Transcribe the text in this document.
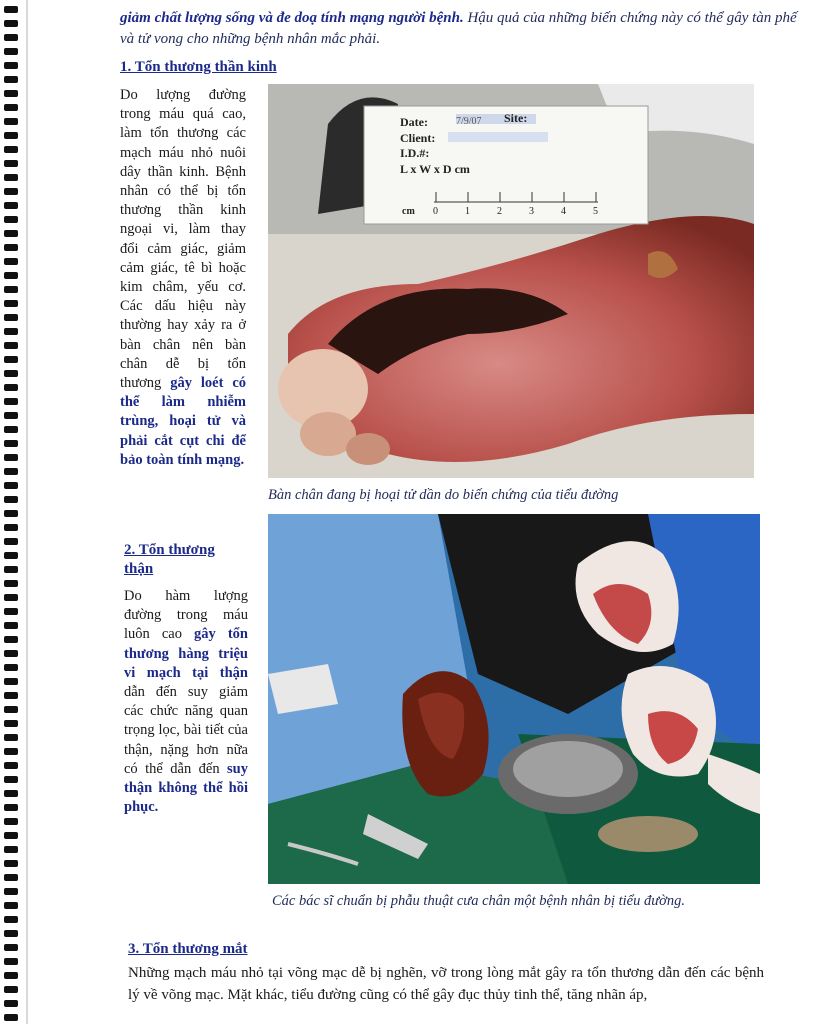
giảm chất lượng sống và đe doạ tính mạng người bệnh. Hậu quả của những biến chứng này có thể gây tàn phế và tử vong cho những bệnh nhân mắc phải.
1. Tổn thương thần kinh
Do lượng đường trong máu quá cao, làm tổn thương các mạch máu nhỏ nuôi dây thần kinh. Bệnh nhân có thể bị tổn thương thần kinh ngoại vi, làm thay đổi cảm giác, giảm cảm giác, tê bì hoặc kim châm, yếu cơ. Các dấu hiệu này thường hay xảy ra ở bàn chân nên bàn chân dễ bị tổn thương gây loét có thể làm nhiễm trùng, hoại tử và phải cắt cụt chi để bảo toàn tính mạng.
Date:	7/9/07 Site:
Client:
I.D.#:
L x W x D cm
cm 0	1	2	3	4	5
Bàn chân đang bị hoại tử dần do biến chứng của tiểu đường
2. Tổn thương
thận
Do hàm lượng đường trong máu luôn cao gây tổn thương hàng triệu vi mạch tại thận dẫn đến suy giảm các chức năng quan trọng lọc, bài tiết của thận, nặng hơn nữa có thể dẫn đến suy thận không thể hồi phục.
Các bác sĩ chuẩn bị phẫu thuật cưa chân một bệnh nhân bị tiểu đường.
3. Tổn thương mắt
Những mạch máu nhỏ tại võng mạc dễ bị nghẽn, vỡ trong lòng mắt gây ra tổn thương dẫn đến các bệnh lý về võng mạc. Mặt khác, tiểu đường cũng có thể gây đục thủy tinh thể, tăng nhãn áp,
